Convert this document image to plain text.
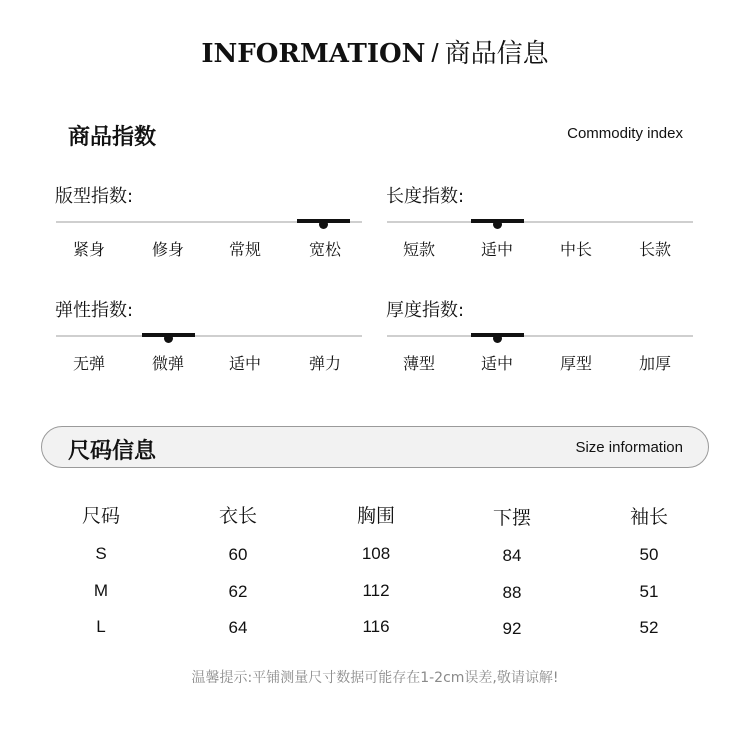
INFORMATION / 商品信息
商品指数	Commodity index
版型指数:
紧身	修身	常规	宽松
长度指数:
短款	适中	中长	长款
弹性指数:
无弹	微弹	适中	弹力
厚度指数:
薄型	适中	厚型	加厚
尺码信息	Size information
尺码	衣长	胸围	下摆	袖长
S	60	108	84	50
M	62	112	88	51
L	64	116	92	52
温馨提示:平铺测量尺寸数据可能存在1-2cm误差,敬请谅解!
